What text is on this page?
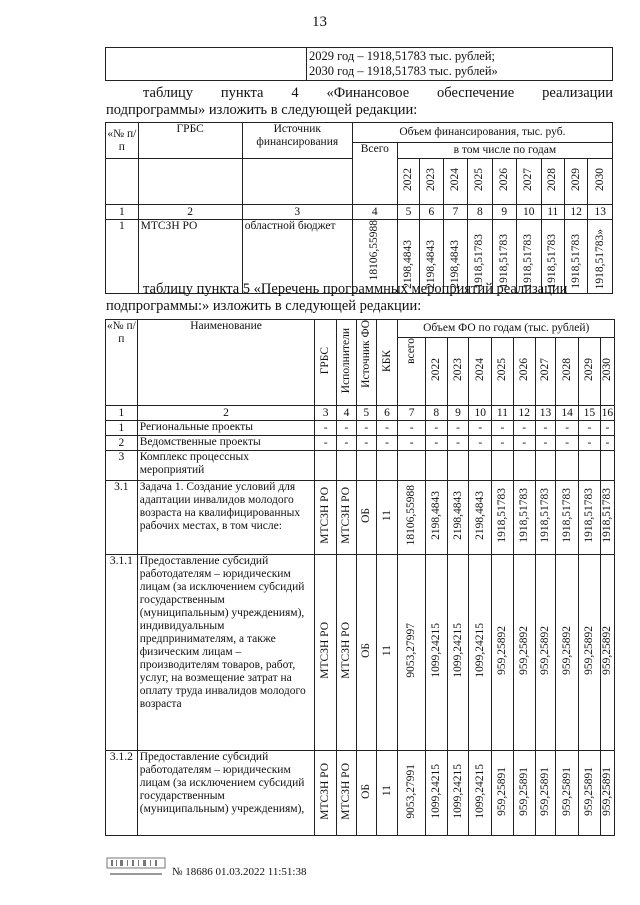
13

2029 год – 1918,51783 тыс. рублей;
2030 год – 1918,51783 тыс. рублей»
таблицу пункта 4 «Финансовое обеспечение реализации
подпрограммы» изложить в следующей редакции:
«№ п/п	ГРБС	Источник финансирования	Объем финансирования, тыс. руб.									
			Всего	в том числе по годам								
				2022	2023	2024	2025	2026	2027	2028	2029	2030
1	2	3	4	5	6	7	8	9	10	11	12	13
1	МТСЗН РО	областной бюджет	18106,55988	2198,4843	2198,4843	2198,4843	1918,51783	1918,51783	1918,51783	1918,51783	1918,51783	1918,51783»
таблицу пункта 5 «Перечень программных мероприятий реализации
подпрограммы:» изложить в следующей редакции:
«№ п/п	Наименование	ГРБС	Исполнители	Источник ФО	КБК	Объем ФО по годам (тыс. рублей)									
						всего	2022	2023	2024	2025	2026	2027	2028	2029	2030
1	2	3	4	5	6	7	8	9	10	11	12	13	14	15	16
1	Региональные проекты	-	-	-	-	-	-	-	-	-	-	-	-	-	-
2	Ведомственные проекты	-	-	-	-	-	-	-	-	-	-	-	-	-	-
3	Комплекс процессных мероприятий														
3.1	Задача 1. Создание условий для адаптации инвалидов молодого возраста на квалифицированных рабочих местах, в том числе:	МТСЗН РО	МТСЗН РО	ОБ	11	18106,55988	2198,4843	2198,4843	2198,4843	1918,51783	1918,51783	1918,51783	1918,51783	1918,51783	1918,51783
3.1.1	Предоставление субсидий работодателям – юридическим лицам (за исключением субсидий государственным (муниципальным) учреждениям), индивидуальным предпринимателям, а также физическим лицам – производителям товаров, работ, услуг, на возмещение затрат на оплату труда инвалидов молодого возраста	МТСЗН РО	МТСЗН РО	ОБ	11	9053,27997	1099,24215	1099,24215	1099,24215	959,25892	959,25892	959,25892	959,25892	959,25892	959,25892
3.1.2	Предоставление субсидий работодателям – юридическим лицам (за исключением субсидий государственным (муниципальным) учреждениям),	МТСЗН РО	МТСЗН РО	ОБ	11	9053,27991	1099,24215	1099,24215	1099,24215	959,25891	959,25891	959,25891	959,25891	959,25891	959,25891
№ 18686 01.03.2022 11:51:38
